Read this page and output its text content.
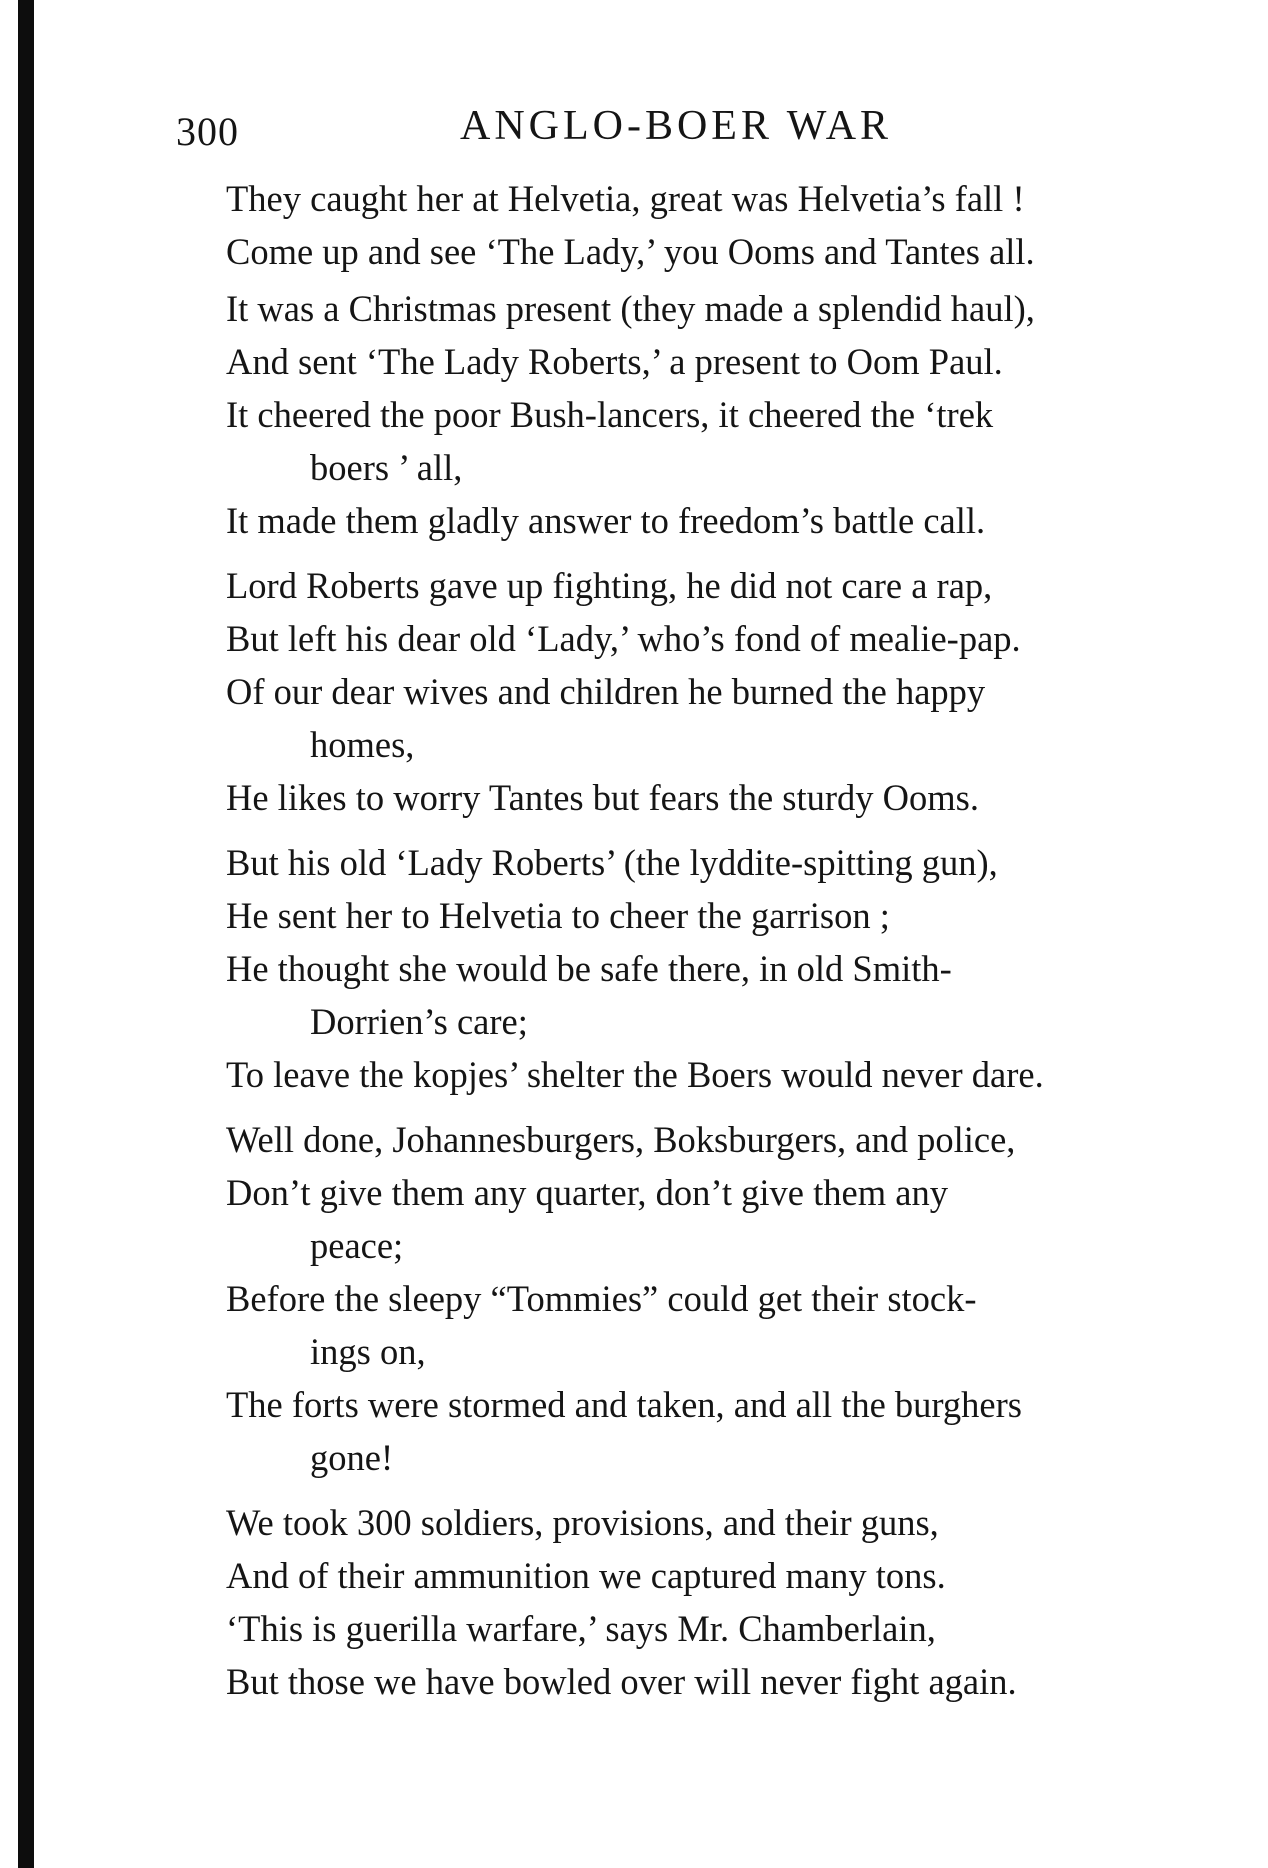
300	ANGLO-BOER WAR
They caught her at Helvetia, great was Helvetia’s fall !
Come up and see ‘The Lady,’ you Ooms and Tantes all.
It was a Christmas present (they made a splendid haul),
And sent ‘The Lady Roberts,’ a present to Oom Paul.
It cheered the poor Bush-lancers, it cheered the ‘trek
boers ’ all,
It made them gladly answer to freedom’s battle call.
Lord Roberts gave up fighting, he did not care a rap,
But left his dear old ‘Lady,’ who’s fond of mealie-pap.
Of our dear wives and children he burned the happy
homes,
He likes to worry Tantes but fears the sturdy Ooms.
But his old ‘Lady Roberts’ (the lyddite-spitting gun),
He sent her to Helvetia to cheer the garrison ;
He thought she would be safe there, in old Smith-
Dorrien’s care;
To leave the kopjes’ shelter the Boers would never dare.
Well done, Johannesburgers, Boksburgers, and police,
Don’t give them any quarter, don’t give them any
peace;
Before the sleepy “Tommies” could get their stock-
ings on,
The forts were stormed and taken, and all the burghers
gone!
We took 300 soldiers, provisions, and their guns,
And of their ammunition we captured many tons.
‘This is guerilla warfare,’ says Mr. Chamberlain,
But those we have bowled over will never fight again.
